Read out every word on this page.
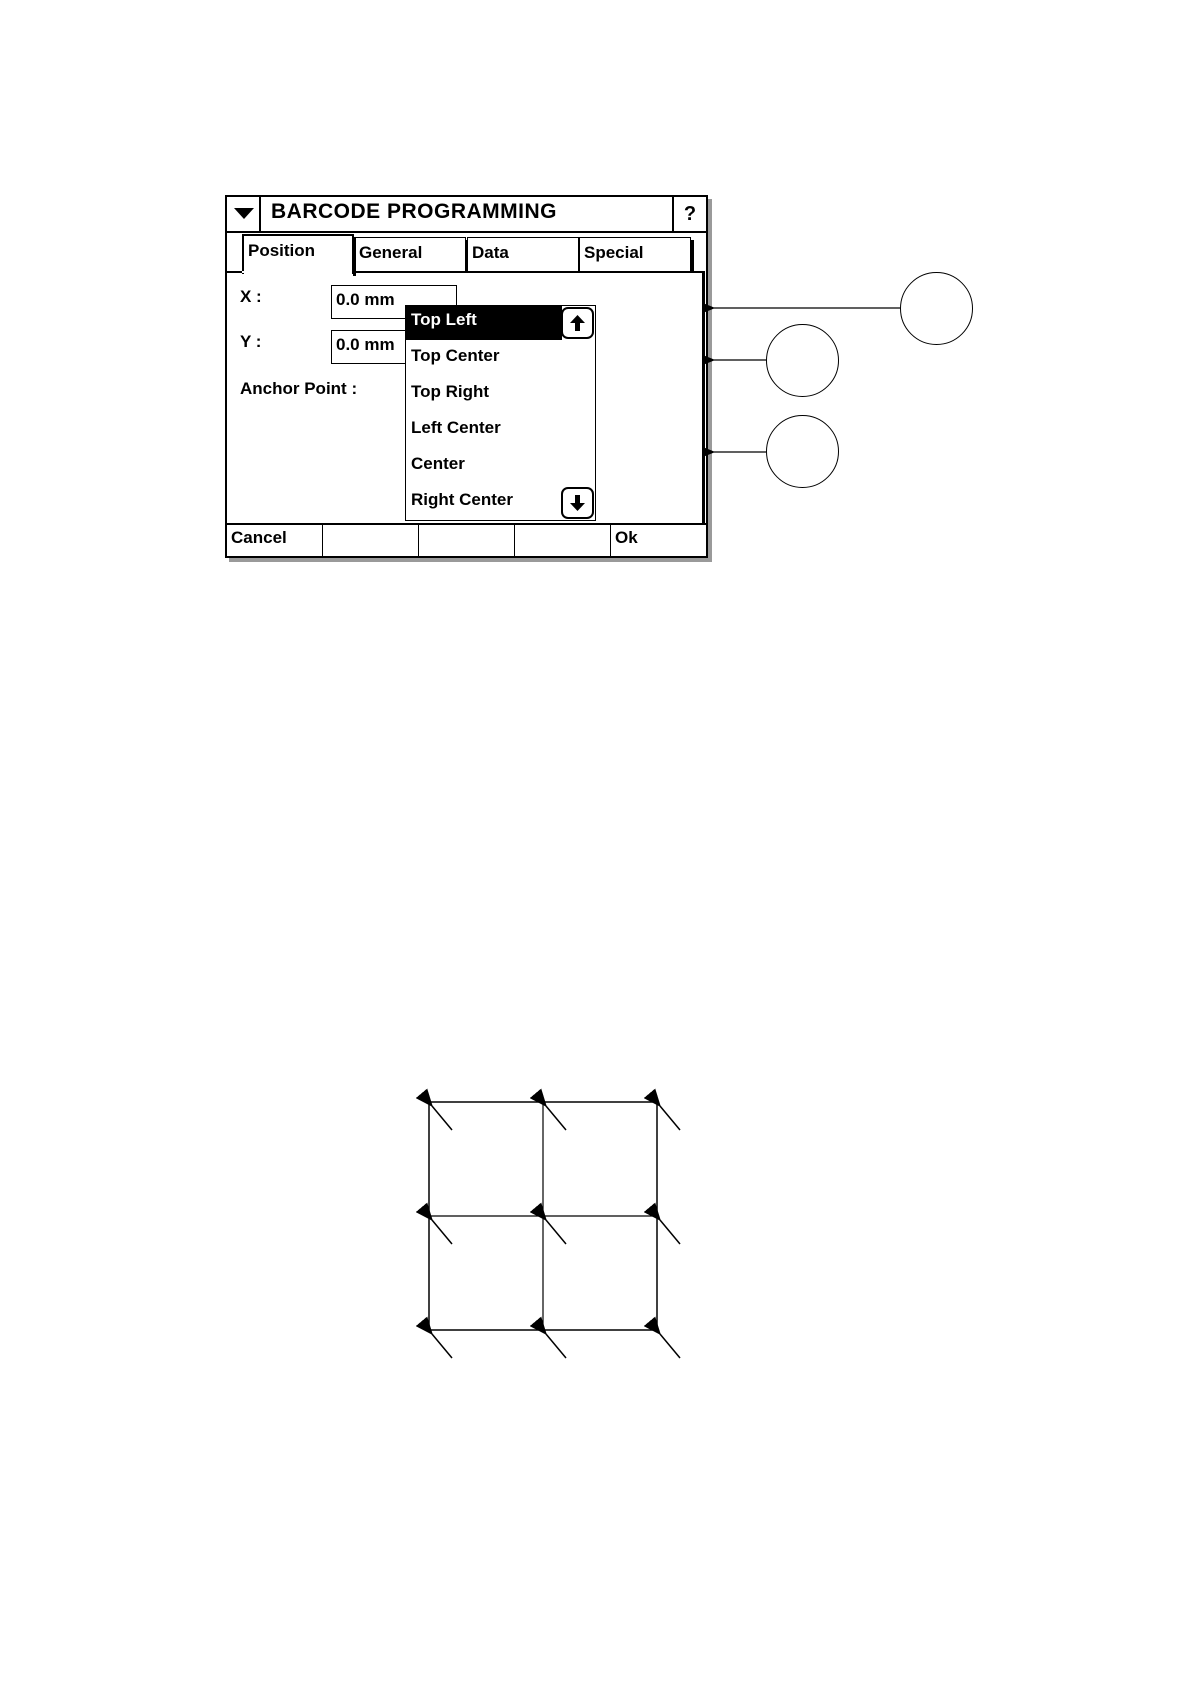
BARCODE PROGRAMMING	?
Position	General	Data	Special
X :	0.0 mm
Y :	0.0 mm
Anchor Point :
Top Left
Top Center
Top Right
Left Center
Center
Right Center
Cancel	Ok
